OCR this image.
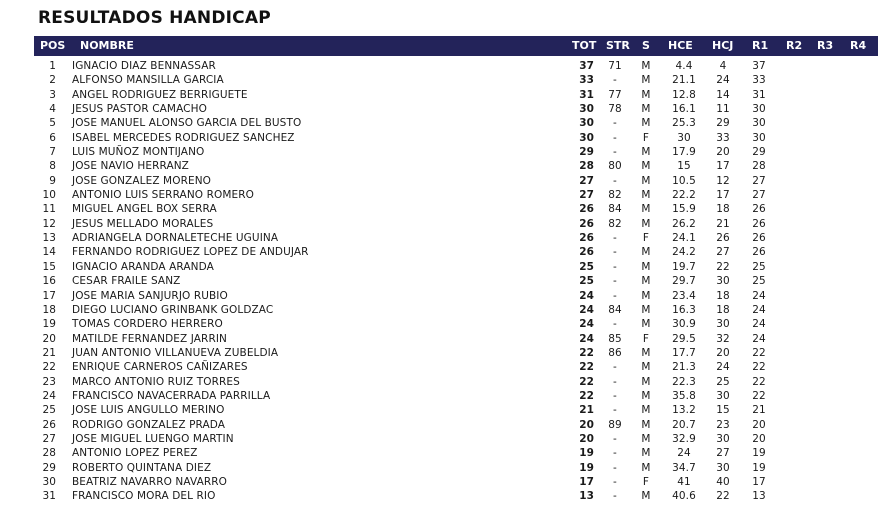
RESULTADOS HANDICAP
POS NOMBRE	TOT STR S HCE HCJ R1 R2 R3 R4
1 IGNACIO DIAZ BENNASSAR	37	71	M	4.4	4	37
2 ALFONSO MANSILLA GARCIA	33	-	M	21.1	24	33
3 ANGEL RODRIGUEZ BERRIGUETE	31	77	M	12.8	14	31
4 JESUS PASTOR CAMACHO	30	78	M	16.1	11	30
5 JOSE MANUEL ALONSO GARCIA DEL BUSTO	30	-	M	25.3	29	30
6 ISABEL MERCEDES RODRIGUEZ SANCHEZ	30	-	F	30	33	30
7 LUIS MUÑOZ MONTIJANO	29	-	M	17.9	20	29
8 JOSE NAVIO HERRANZ	28	80	M	15	17	28
9 JOSE GONZALEZ MORENO	27	-	M	10.5	12	27
10 ANTONIO LUIS SERRANO ROMERO	27	82	M	22.2	17	27
11 MIGUEL ANGEL BOX SERRA	26	84	M	15.9	18	26
12 JESUS MELLADO MORALES	26	82	M	26.2	21	26
13 ADRIANGELA DORNALETECHE UGUINA	26	-	F	24.1	26	26
14 FERNANDO RODRIGUEZ LOPEZ DE ANDUJAR	26	-	M	24.2	27	26
15 IGNACIO ARANDA ARANDA	25	-	M	19.7	22	25
16 CESAR FRAILE SANZ	25	-	M	29.7	30	25
17 JOSE MARIA SANJURJO RUBIO	24	-	M	23.4	18	24
18 DIEGO LUCIANO GRINBANK GOLDZAC	24	84	M	16.3	18	24
19 TOMAS CORDERO HERRERO	24	-	M	30.9	30	24
20 MATILDE FERNANDEZ JARRIN	24	85	F	29.5	32	24
21 JUAN ANTONIO VILLANUEVA ZUBELDIA	22	86	M	17.7	20	22
22 ENRIQUE CARNEROS CAÑIZARES	22	-	M	21.3	24	22
23 MARCO ANTONIO RUIZ TORRES	22	-	M	22.3	25	22
24 FRANCISCO NAVACERRADA PARRILLA	22	-	M	35.8	30	22
25 JOSE LUIS ANGULLO MERINO	21	-	M	13.2	15	21
26 RODRIGO GONZALEZ PRADA	20	89	M	20.7	23	20
27 JOSE MIGUEL LUENGO MARTIN	20	-	M	32.9	30	20
28 ANTONIO LOPEZ PEREZ	19	-	M	24	27	19
29 ROBERTO QUINTANA DIEZ	19	-	M	34.7	30	19
30 BEATRIZ NAVARRO NAVARRO	17	-	F	41	40	17
31 FRANCISCO MORA DEL RIO	13	-	M	40.6	22	13
